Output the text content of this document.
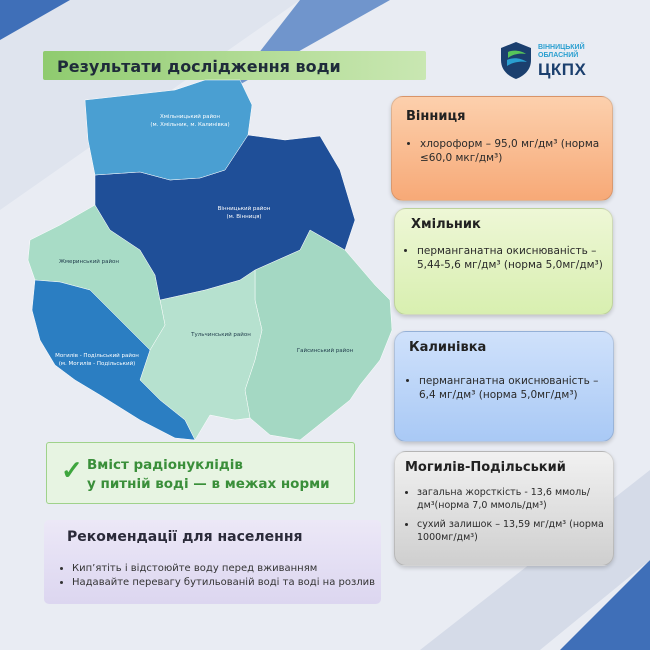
Результати дослідження води
ВІННИЦЬКИЙ
ОБЛАСНИЙ
ЦКПХ
Хмільницький район
(м. Хмільник, м. Калинівка)
Вінницький район
(м. Вінниця)
Жмеринський район
Могилів - Подільський район
(м. Могилів - Подільський)
Тульчинський район
Гайсинський район
Вінниця
• хлороформ – 95,0 мг/дм³ (норма ≤60,0 мкг/дм³)
Хмільник
• перманганатна окиснюваність – 5,44-5,6 мг/дм³ (норма 5,0мг/дм³)
Калинівка
• перманганатна окиснюваність – 6,4 мг/дм³ (норма 5,0мг/дм³)
Могилів-Подільський
• загальна жорсткість - 13,6 ммоль/дм³(норма 7,0 ммоль/дм³)
• сухий залишок – 13,59 мг/дм³ (норма 1000мг/дм³)
✓ Вміст радіонуклідів
у питній воді — в межах норми
Рекомендації для населення
• Кип’ятіть і відстоюйте воду перед вживанням
• Надавайте перевагу бутильованій воді та воді на розлив
